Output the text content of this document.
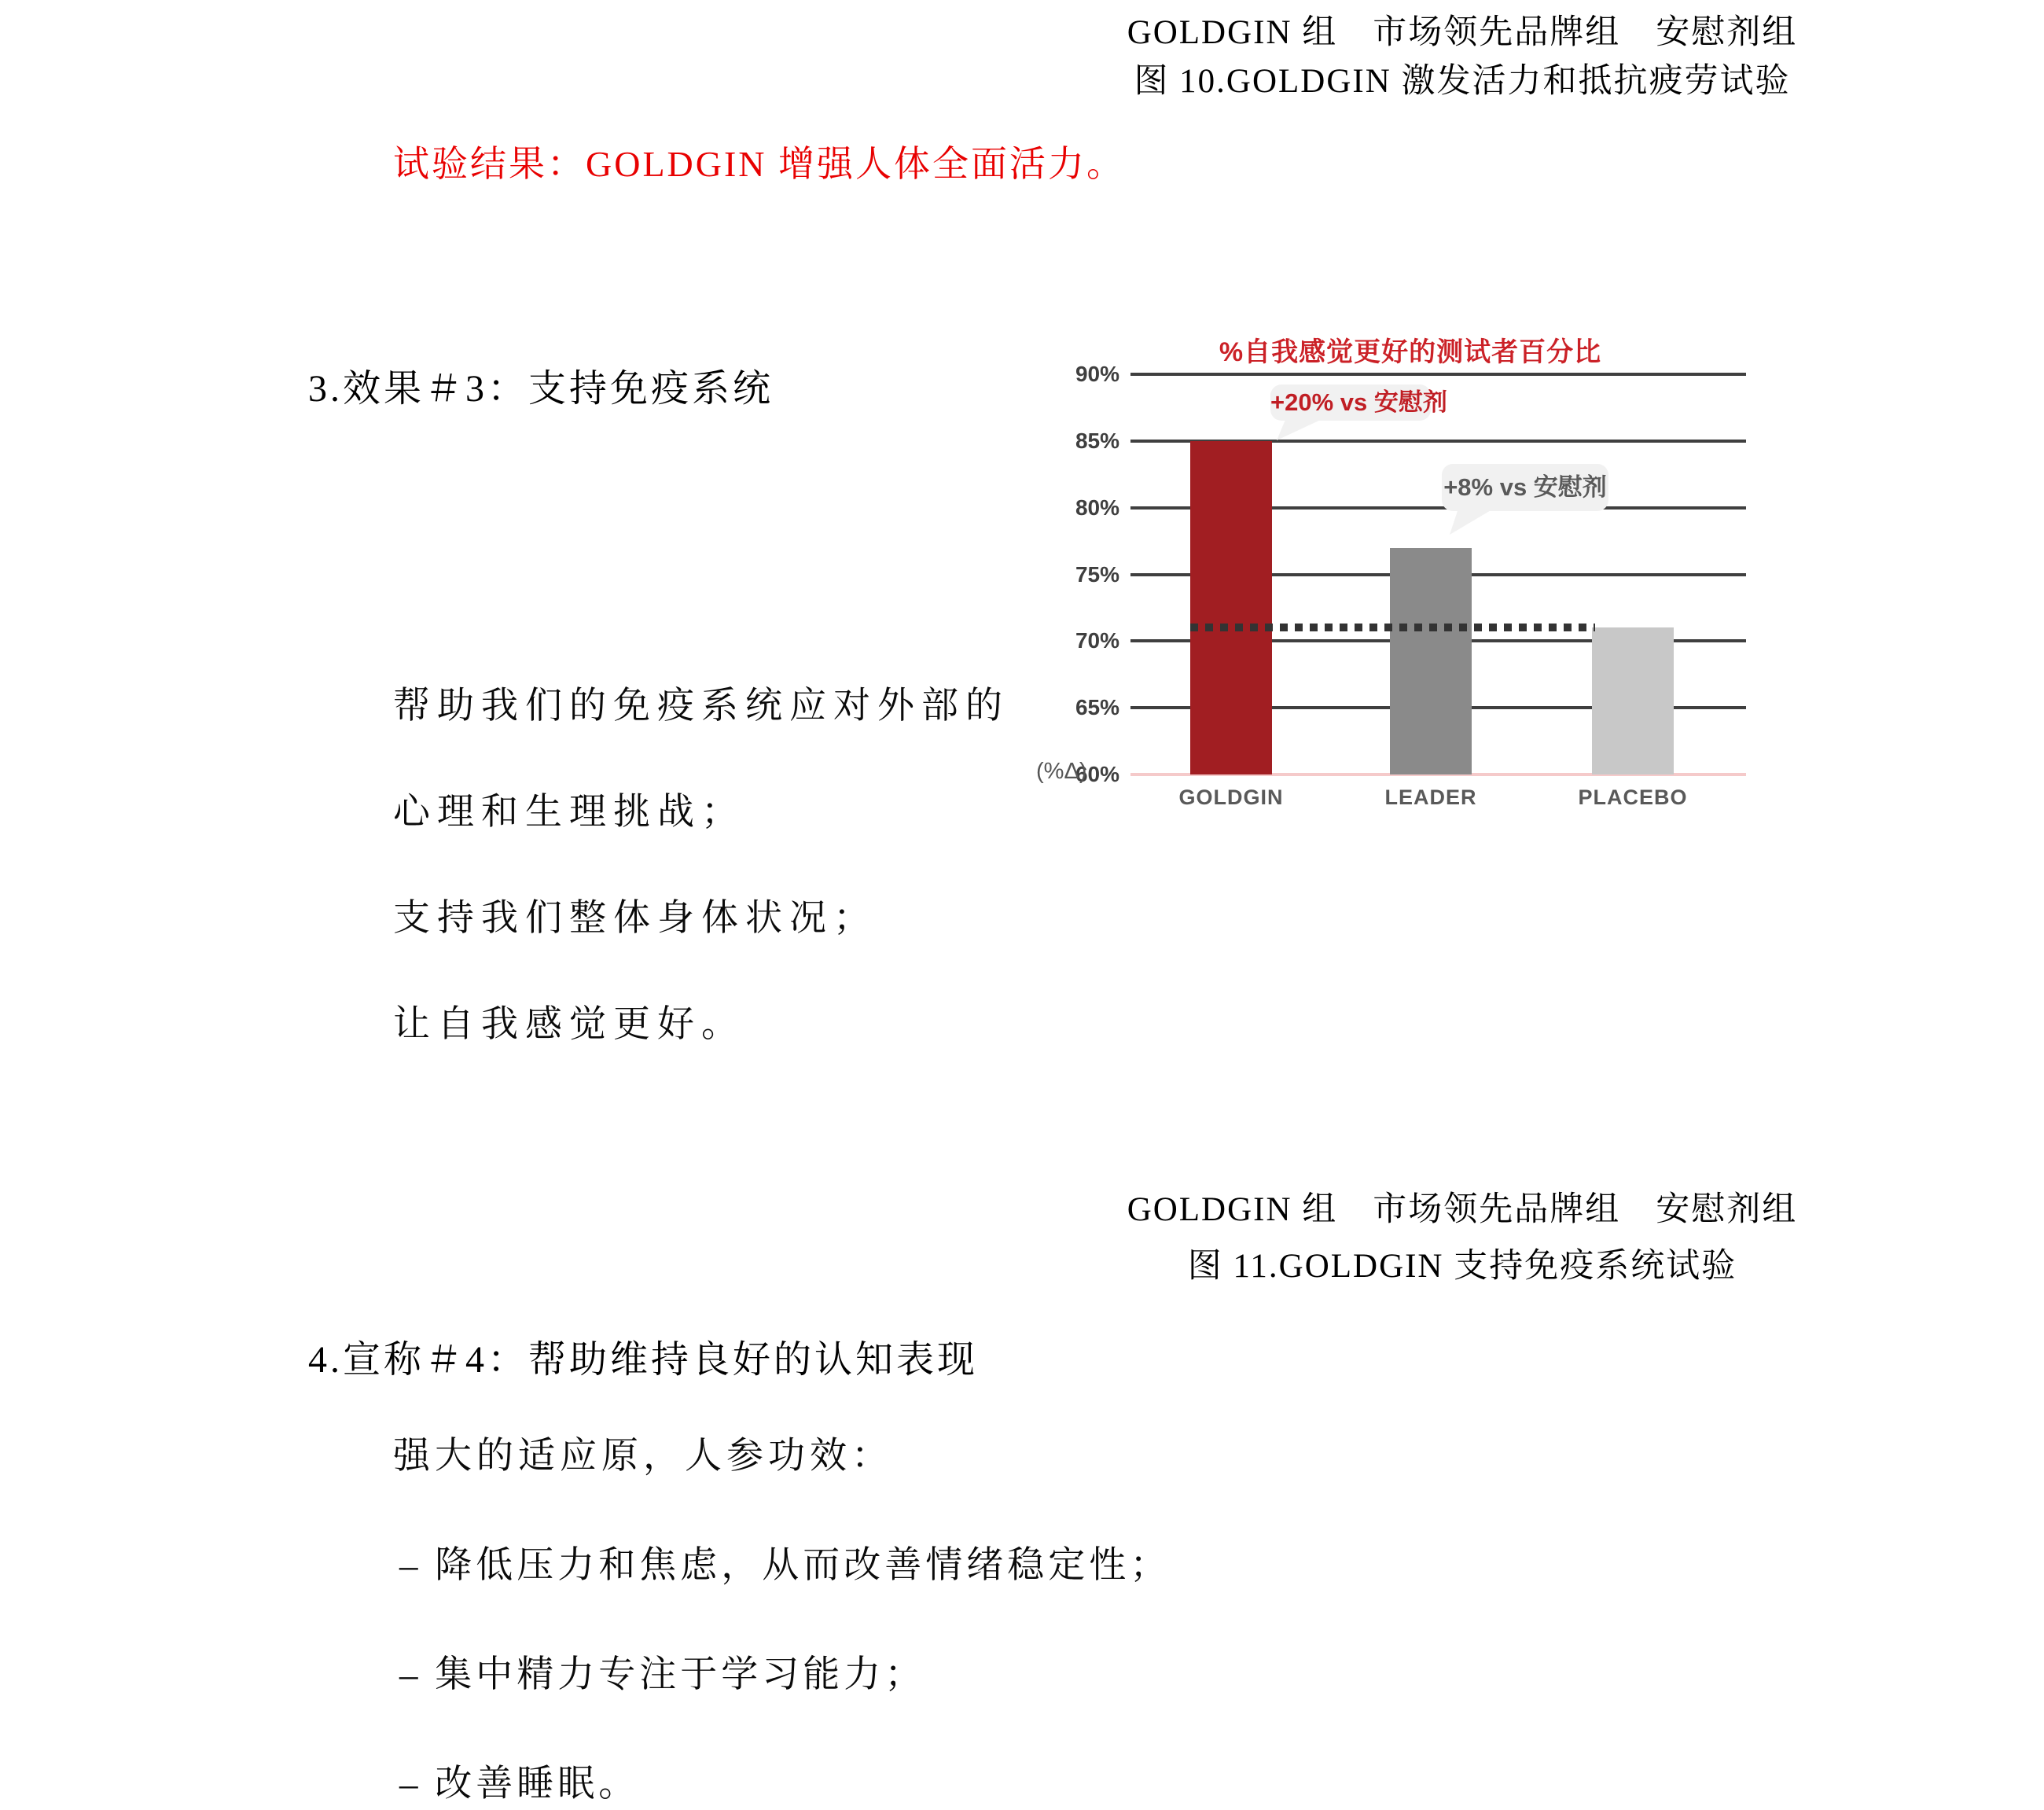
GOLDGIN 组　市场领先品牌组　安慰剂组
图 10.GOLDGIN 激发活力和抵抗疲劳试验
试验结果：GOLDGIN 增强人体全面活力。
3.效果＃3：支持免疫系统
%自我感觉更好的测试者百分比
90%
85%
80%
75%
70%
65%
60%
(%Δ)
+20% vs 安慰剂
+8% vs 安慰剂
GOLDGIN	LEADER	PLACEBO
帮助我们的免疫系统应对外部的
心理和生理挑战；
支持我们整体身体状况；
让自我感觉更好。
GOLDGIN 组　市场领先品牌组　安慰剂组
图 11.GOLDGIN 支持免疫系统试验
4.宣称＃4：帮助维持良好的认知表现
强大的适应原，人参功效：
– 降低压力和焦虑，从而改善情绪稳定性；
– 集中精力专注于学习能力；
– 改善睡眠。
